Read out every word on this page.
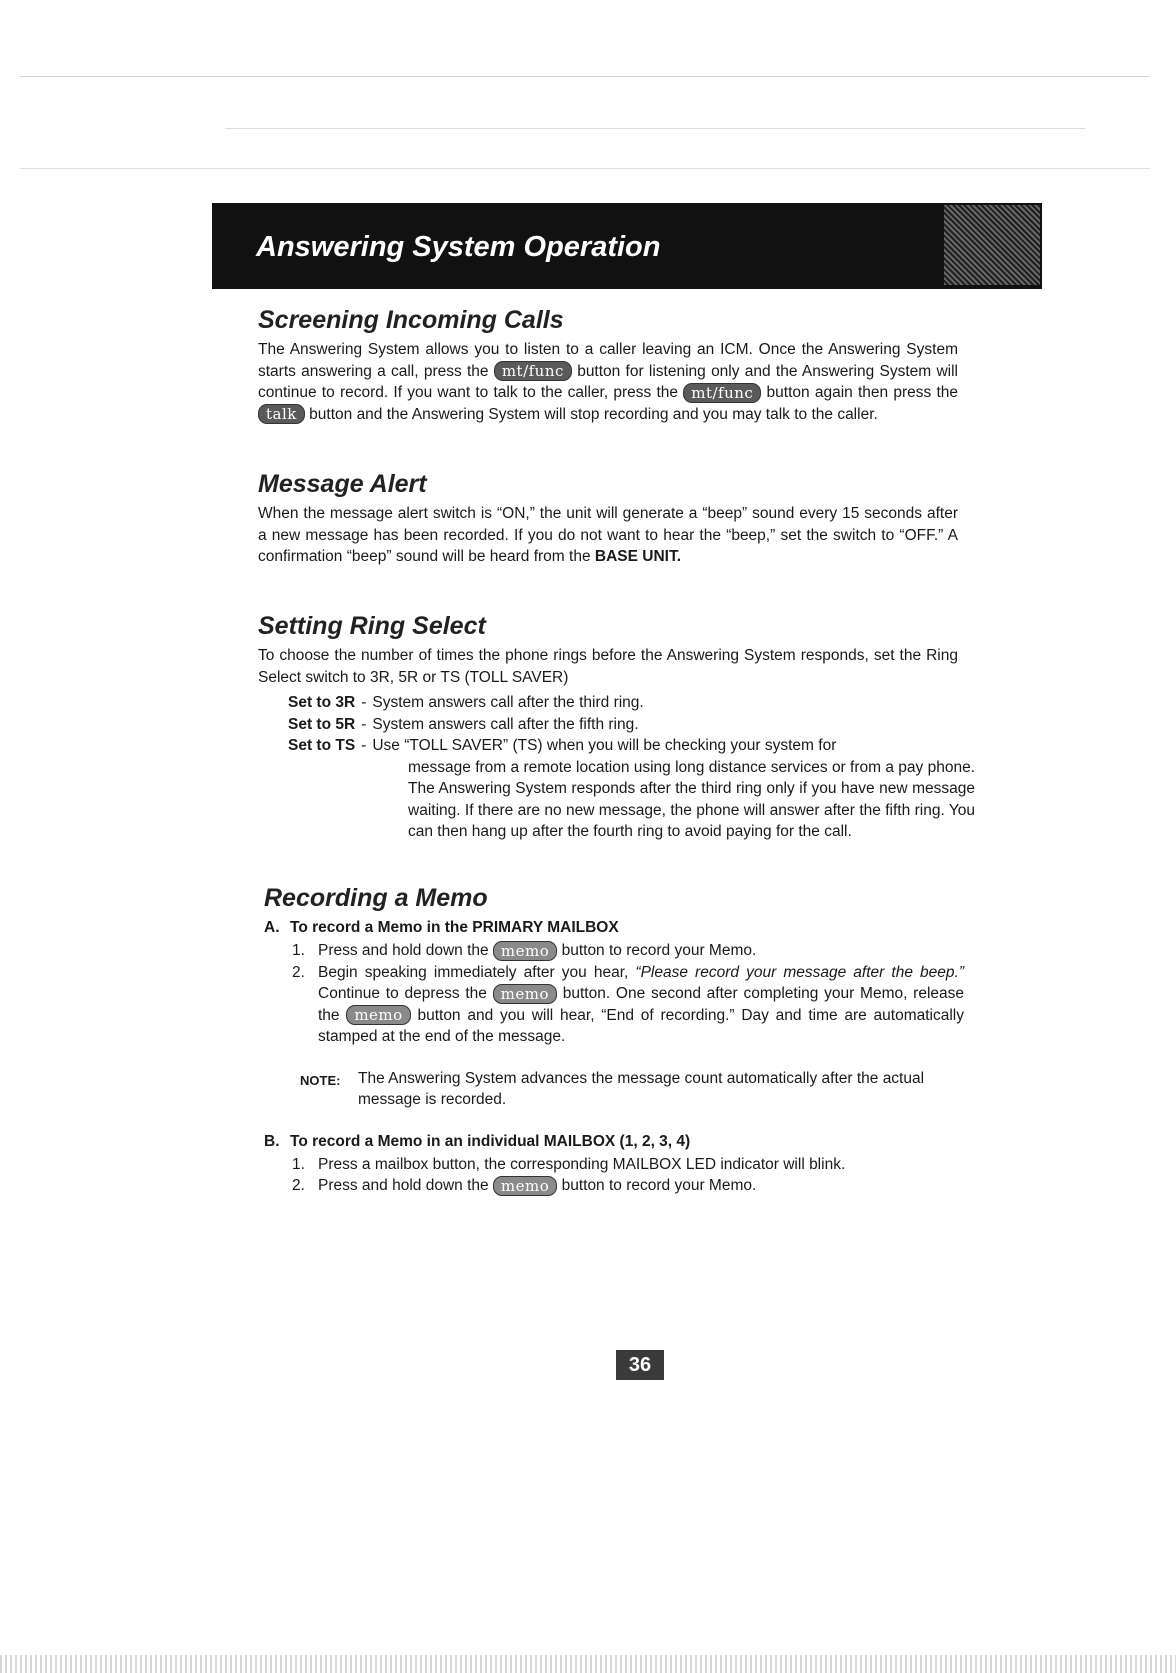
Answering System Operation
Screening Incoming Calls

The Answering System allows you to listen to a caller leaving an ICM. Once the Answering System starts answering a call, press the mt/func button for listening only and the Answering System will continue to record. If you want to talk to the caller, press the mt/func button again then press the talk button and the Answering System will stop recording and you may talk to the caller.

Message Alert

When the message alert switch is “ON,” the unit will generate a “beep” sound every 15 seconds after a new message has been recorded. If you do not want to hear the “beep,” set the switch to “OFF.” A confirmation “beep” sound will be heard from the BASE UNIT.

Setting Ring Select

To choose the number of times the phone rings before the Answering System responds, set the Ring Select switch to 3R, 5R or TS (TOLL SAVER)

Set to 3R - System answers call after the third ring.
Set to 5R - System answers call after the fifth ring.
Set to TS - Use “TOLL SAVER” (TS) when you will be checking your system for
message from a remote location using long distance services or from a pay phone. The Answering System responds after the third ring only if you have new message waiting. If there are no new message, the phone will answer after the fifth ring. You can then hang up after the fourth ring to avoid paying for the call.
Recording a Memo
A. To record a Memo in the PRIMARY MAILBOX
1. Press and hold down the memo button to record your Memo.
2. Begin speaking immediately after you hear, “Please record your message after the beep.” Continue to depress the memo button. One second after completing your Memo, release the memo button and you will hear, “End of recording.” Day and time are automatically stamped at the end of the message.
NOTE:	The Answering System advances the message count automatically after the actual message is recorded.
B. To record a Memo in an individual MAILBOX (1, 2, 3, 4)
1. Press a mailbox button, the corresponding MAILBOX LED indicator will blink.
2. Press and hold down the memo button to record your Memo.
36
